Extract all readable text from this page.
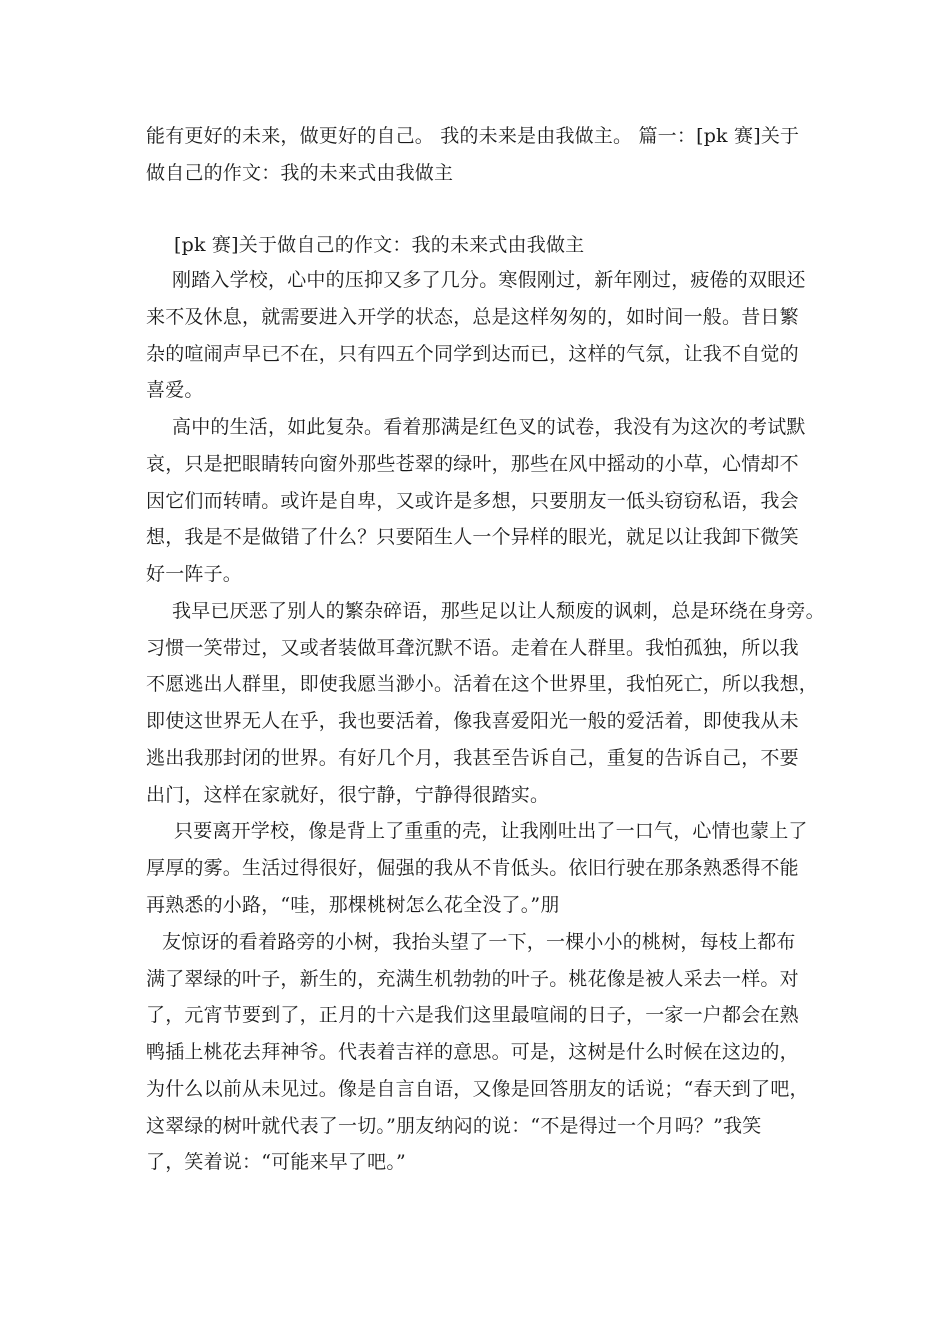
能有更好的未来，做更好的自己。 我的未来是由我做主。 篇一：[pk 赛]关于
做自己的作文：我的未来式由我做主
[pk 赛]关于做自己的作文：我的未来式由我做主
刚踏入学校，心中的压抑又多了几分。寒假刚过，新年刚过，疲倦的双眼还
来不及休息，就需要进入开学的状态，总是这样匆匆的，如时间一般。昔日繁
杂的喧闹声早已不在，只有四五个同学到达而已，这样的气氛，让我不自觉的
喜爱。
高中的生活，如此复杂。看着那满是红色叉的试卷，我没有为这次的考试默
哀，只是把眼睛转向窗外那些苍翠的绿叶，那些在风中摇动的小草，心情却不
因它们而转晴。或许是自卑，又或许是多想，只要朋友一低头窃窃私语，我会
想，我是不是做错了什么？只要陌生人一个异样的眼光，就足以让我卸下微笑
好一阵子。
我早已厌恶了别人的繁杂碎语，那些足以让人颓废的讽刺，总是环绕在身旁。
习惯一笑带过，又或者装做耳聋沉默不语。走着在人群里。我怕孤独，所以我
不愿逃出人群里，即使我愿当渺小。活着在这个世界里，我怕死亡，所以我想，
即使这世界无人在乎，我也要活着，像我喜爱阳光一般的爱活着，即使我从未
逃出我那封闭的世界。有好几个月，我甚至告诉自己，重复的告诉自己，不要
出门，这样在家就好，很宁静，宁静得很踏实。
只要离开学校，像是背上了重重的壳，让我刚吐出了一口气，心情也蒙上了
厚厚的雾。生活过得很好，倔强的我从不肯低头。依旧行驶在那条熟悉得不能
再熟悉的小路，“哇，那棵桃树怎么花全没了。”朋
友惊讶的看着路旁的小树，我抬头望了一下，一棵小小的桃树，每枝上都布
满了翠绿的叶子，新生的，充满生机勃勃的叶子。桃花像是被人采去一样。对
了，元宵节要到了，正月的十六是我们这里最喧闹的日子，一家一户都会在熟
鸭插上桃花去拜神爷。代表着吉祥的意思。可是，这树是什么时候在这边的，
为什么以前从未见过。像是自言自语，又像是回答朋友的话说；“春天到了吧，
这翠绿的树叶就代表了一切。”朋友纳闷的说：“不是得过一个月吗？”我笑
了，笑着说：“可能来早了吧。”
